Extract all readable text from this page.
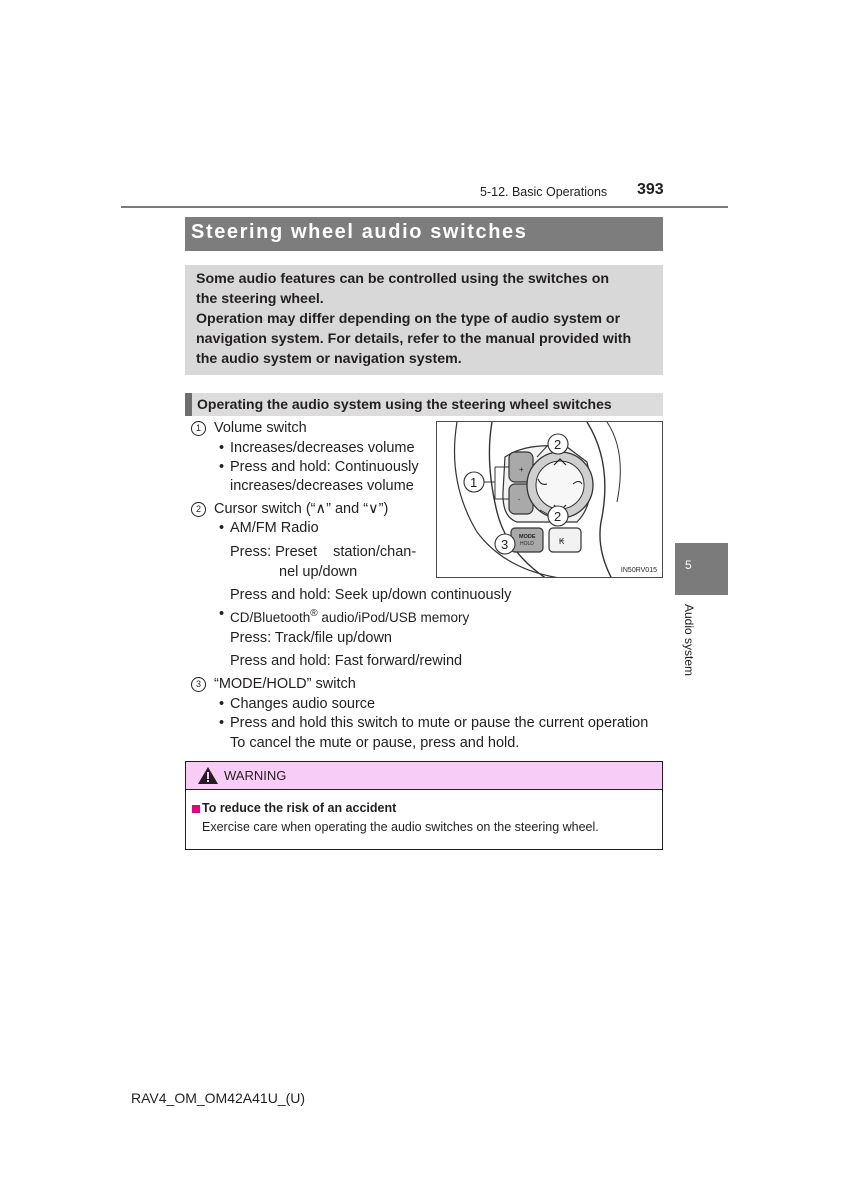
5-12. Basic Operations 393
5
Audio system
Steering wheel audio switches

Some audio features can be controlled using the switches on

the steering wheel.

Operation may differ depending on the type of audio system or

navigation system. For details, refer to the manual provided with

the audio system or navigation system.

Operating the audio system using the steering wheel switches
1 Volume switch
• Increases/decreases volume
• Press and hold: Continuously
increases/decreases volume
2 Cursor switch (“∧” and “∨”)
• AM/FM Radio
Press: Preset    station/chan-
nel up/down
Press and hold: Seek up/down continuously
• CD/Bluetooth® audio/iPod/USB memory
Press: Track/file up/down
Press and hold: Fast forward/rewind
3 “MODE/HOLD” switch
• Changes audio source
• Press and hold this switch to mute or pause the current operation
To cancel the mute or pause, press and hold.
+
-
MODE
HOLD	₭
1
2
2
3
IN50RV015
WARNING
To reduce the risk of an accident
Exercise care when operating the audio switches on the steering wheel.
RAV4_OM_OM42A41U_(U)
